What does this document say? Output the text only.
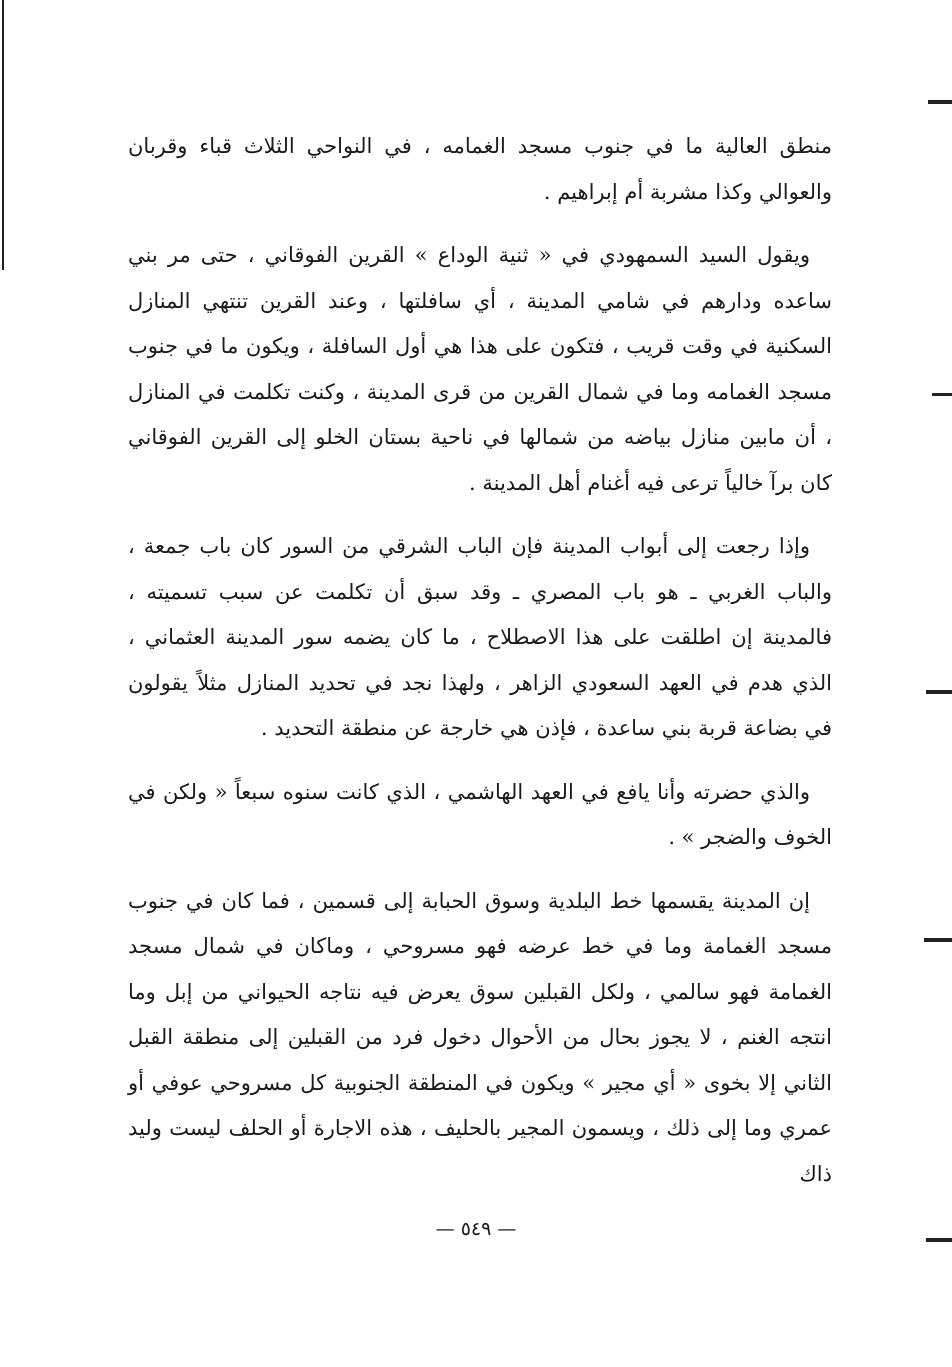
منطق العالية ما في جنوب مسجد الغمامه ، في النواحي الثلاث قباء وقربان والعوالي وكذا مشربة أم إبراهيم .

ويقول السيد السمهودي في « ثنية الوداع » القرين الفوقاني ، حتى مر بني ساعده ودارهم في شامي المدينة ، أي سافلتها ، وعند القرين تنتهي المنازل السكنية في وقت قريب ، فتكون على هذا هي أول السافلة ، ويكون ما في جنوب مسجد الغمامه وما في شمال القرين من قرى المدينة ، وكنت تكلمت في المنازل ، أن مابين منازل بياضه من شمالها في ناحية بستان الخلو إلى القرين الفوقاني كان برآ خالياً ترعى فيه أغنام أهل المدينة .

وإذا رجعت إلى أبواب المدينة فإن الباب الشرقي من السور كان باب جمعة ، والباب الغربي ـ هو باب المصري ـ وقد سبق أن تكلمت عن سبب تسميته ، فالمدينة إن اطلقت على هذا الاصطلاح ، ما كان يضمه سور المدينة العثماني ، الذي هدم في العهد السعودي الزاهر ، ولهذا نجد في تحديد المنازل مثلاً يقولون في بضاعة قربة بني ساعدة ، فإذن هي خارجة عن منطقة التحديد .

والذي حضرته وأنا يافع في العهد الهاشمي ، الذي كانت سنوه سبعاً « ولكن في الخوف والضجر » .

إن المدينة يقسمها خط البلدية وسوق الحبابة إلى قسمين ، فما كان في جنوب مسجد الغمامة وما في خط عرضه فهو مسروحي ، وماكان في شمال مسجد الغمامة فهو سالمي ، ولكل القبلين سوق يعرض فيه نتاجه الحيواني من إبل وما انتجه الغنم ، لا يجوز بحال من الأحوال دخول فرد من القبلين إلى منطقة القبل الثاني إلا بخوى « أي مجير » ويكون في المنطقة الجنوبية كل مسروحي عوفي أو عمري وما إلى ذلك ، ويسمون المجير بالحليف ، هذه الاجارة أو الحلف ليست وليد ذاك

— ٥٤٩ —
